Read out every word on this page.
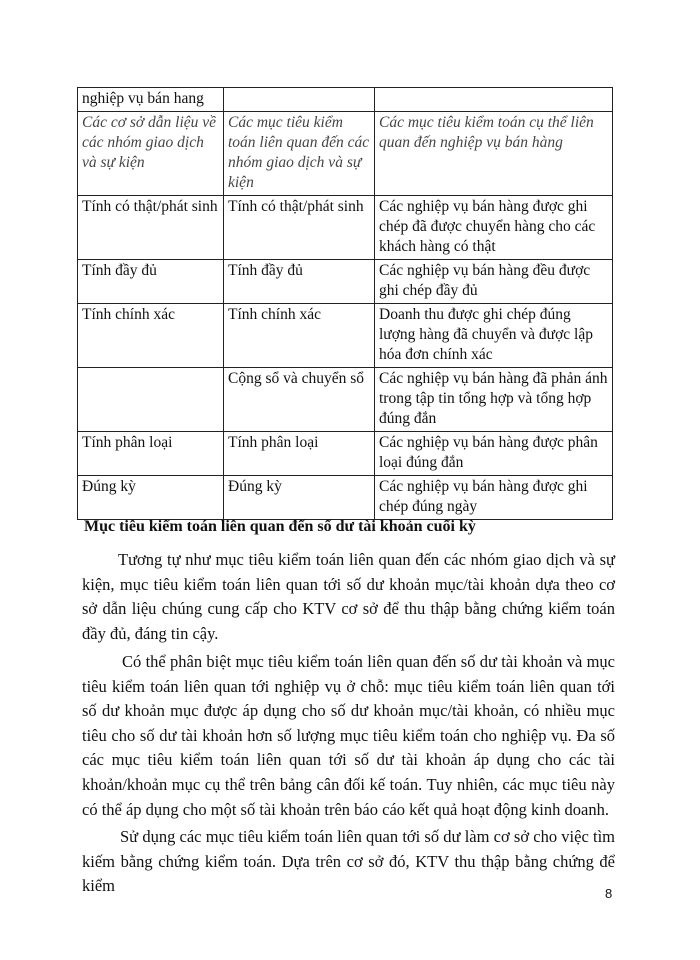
nghiệp vụ bán hang		
Các cơ sở dẫn liệu về các nhóm giao dịch và sự kiện	Các mục tiêu kiểm toán liên quan đến các nhóm giao dịch và sự kiện	Các mục tiêu kiểm toán cụ thể liên quan đến nghiệp vụ bán hàng
Tính có thật/phát sinh	Tính có thật/phát sinh	Các nghiệp vụ bán hàng được ghi chép đã được chuyển hàng cho các khách hàng có thật
Tính đầy đủ	Tính đầy đủ	Các nghiệp vụ bán hàng đều được ghi chép đầy đủ
Tính chính xác	Tính chính xác	Doanh thu được ghi chép đúng lượng hàng đã chuyển và được lập hóa đơn chính xác
	Cộng sổ và chuyển sổ	Các nghiệp vụ bán hàng đã phản ánh trong tập tin tổng hợp và tổng hợp đúng đắn
Tính phân loại	Tính phân loại	Các nghiệp vụ bán hàng được phân loại đúng đắn
Đúng kỳ	Đúng kỳ	Các nghiệp vụ bán hàng được ghi chép đúng ngày
Mục tiêu kiểm toán liên quan đến số dư tài khoản cuối kỳ

Tương tự như mục tiêu kiểm toán liên quan đến các nhóm giao dịch và sự kiện, mục tiêu kiểm toán liên quan tới số dư khoản mục/tài khoản dựa theo cơ sở dẫn liệu chúng cung cấp cho KTV cơ sở để thu thập bằng chứng kiểm toán đầy đủ, đáng tin cậy.

Có thể phân biệt mục tiêu kiểm toán liên quan đến số dư tài khoản và mục tiêu kiểm toán liên quan tới nghiệp vụ ở chỗ: mục tiêu kiểm toán liên quan tới số dư khoản mục được áp dụng cho số dư khoản mục/tài khoản, có nhiều mục tiêu cho số dư tài khoản hơn số lượng mục tiêu kiểm toán cho nghiệp vụ. Đa số các mục tiêu kiểm toán liên quan tới số dư tài khoản áp dụng cho các tài khoản/khoản mục cụ thể trên bảng cân đối kế toán. Tuy nhiên, các mục tiêu này có thể áp dụng cho một số tài khoản trên báo cáo kết quả hoạt động kinh doanh.

Sử dụng các mục tiêu kiểm toán liên quan tới số dư làm cơ sở cho việc tìm kiếm bằng chứng kiểm toán. Dựa trên cơ sở đó, KTV thu thập bằng chứng để kiểm	8
